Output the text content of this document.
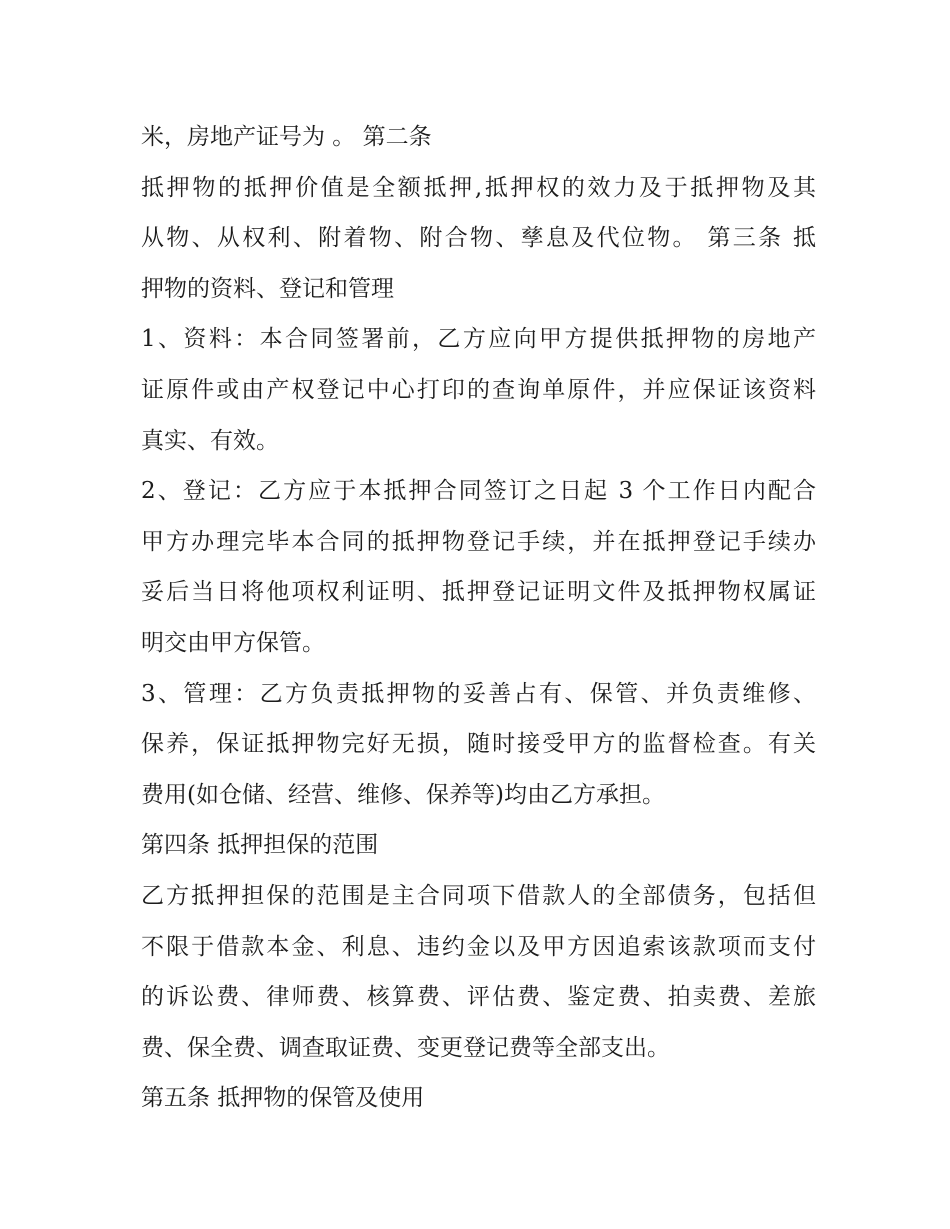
米，房地产证号为 。 第二条
抵押物的抵押价值是全额抵押,抵押权的效力及于抵押物及其
从物、从权利、附着物、附合物、孳息及代位物。 第三条 抵
押物的资料、登记和管理
1、资料：本合同签署前，乙方应向甲方提供抵押物的房地产
证原件或由产权登记中心打印的查询单原件，并应保证该资料
真实、有效。
2、登记：乙方应于本抵押合同签订之日起 3 个工作日内配合
甲方办理完毕本合同的抵押物登记手续，并在抵押登记手续办
妥后当日将他项权利证明、抵押登记证明文件及抵押物权属证
明交由甲方保管。
3、管理：乙方负责抵押物的妥善占有、保管、并负责维修、
保养，保证抵押物完好无损，随时接受甲方的监督检查。有关
费用(如仓储、经营、维修、保养等)均由乙方承担。
第四条 抵押担保的范围
乙方抵押担保的范围是主合同项下借款人的全部债务，包括但
不限于借款本金、利息、违约金以及甲方因追索该款项而支付
的诉讼费、律师费、核算费、评估费、鉴定费、拍卖费、差旅
费、保全费、调查取证费、变更登记费等全部支出。
第五条 抵押物的保管及使用
